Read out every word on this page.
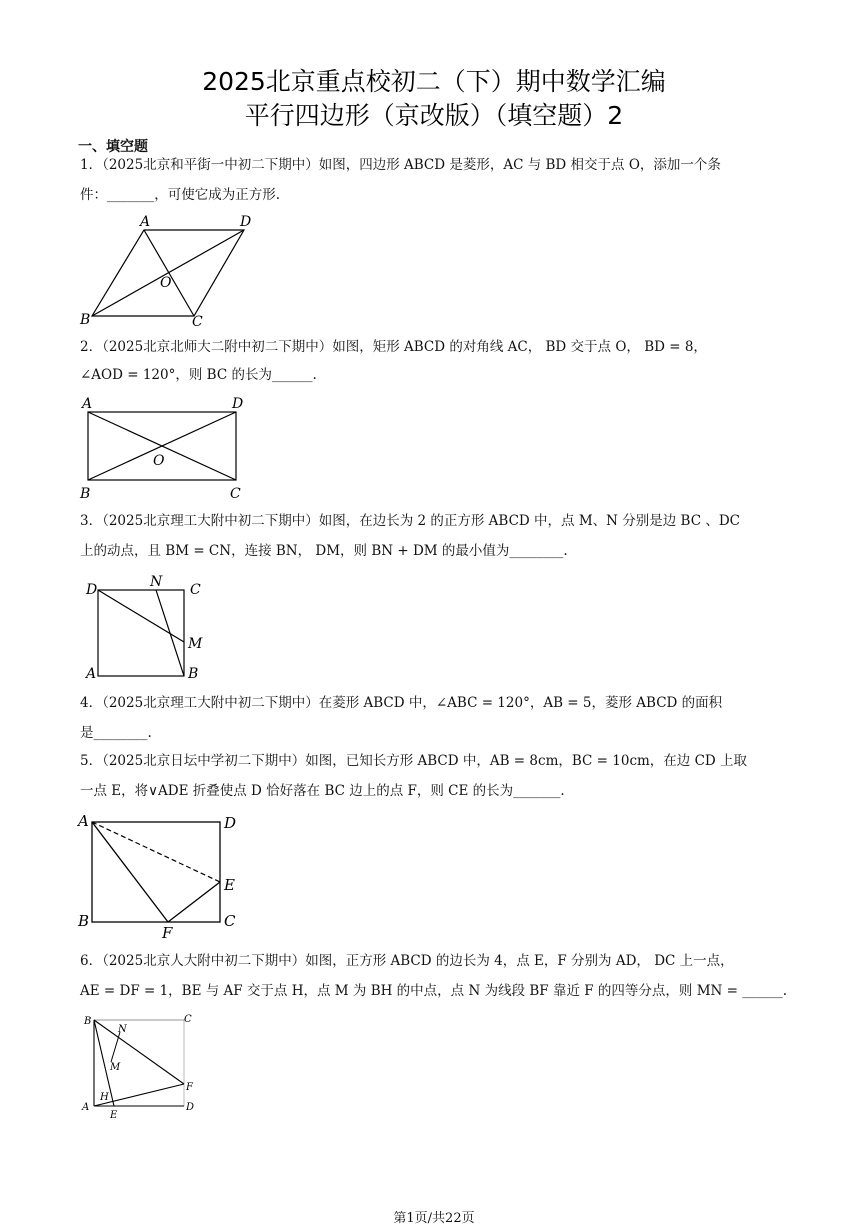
2025北京重点校初二（下）期中数学汇编
平行四边形（京改版）（填空题）2
一、填空题
1．（2025北京和平街一中初二下期中）如图，四边形 ABCD 是菱形，AC 与 BD 相交于点 O，添加一个条
件：_______，可使它成为正方形.
A	D
B	C
O
2．（2025北京北师大二附中初二下期中）如图，矩形 ABCD 的对角线 AC， BD 交于点 O， BD = 8，
∠AOD = 120°，则 BC 的长为______.
A	D
B	C
O
3．（2025北京理工大附中初二下期中）如图，在边长为 2 的正方形 ABCD 中，点 M、N 分别是边 BC 、DC
上的动点，且 BM = CN，连接 BN， DM，则 BN + DM 的最小值为________.
D	N C
M
A	B
4．（2025北京理工大附中初二下期中）在菱形 ABCD 中，∠ABC = 120°，AB = 5，菱形 ABCD 的面积
是________.
5．（2025北京日坛中学初二下期中）如图，已知长方形 ABCD 中，AB = 8cm，BC = 10cm，在边 CD 上取
一点 E，将∨ADE 折叠使点 D 恰好落在 BC 边上的点 F，则 CE 的长为_______.
A	D
E
B	C
F
6．（2025北京人大附中初二下期中）如图，正方形 ABCD 的边长为 4，点 E，F 分别为 AD， DC 上一点，
AE = DF = 1，BE 与 AF 交于点 H，点 M 为 BH 的中点，点 N 为线段 BF 靠近 F 的四等分点，则 MN = ______.
B
N
C
M
F
H
A
E
D
第1页/共22页
